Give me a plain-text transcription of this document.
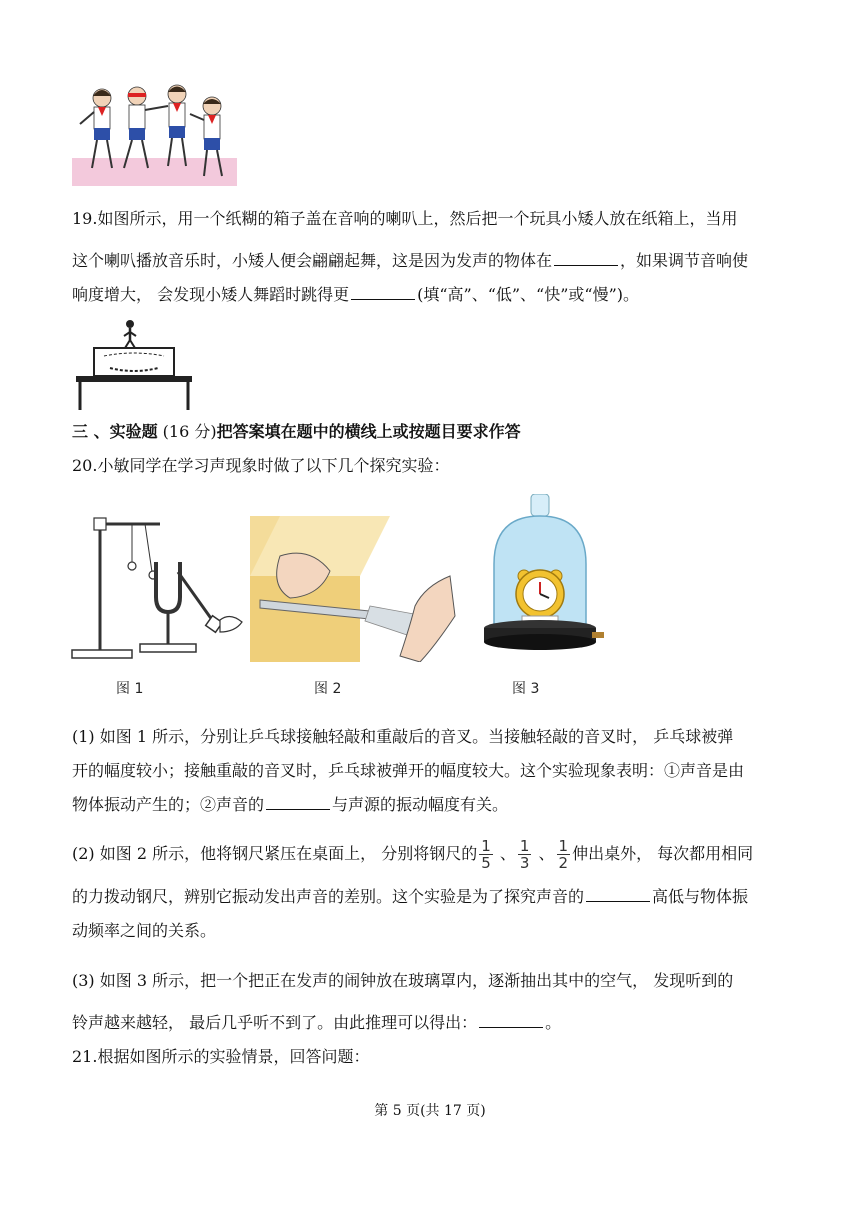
19.如图所示，用一个纸糊的箱子盖在音响的喇叭上，然后把一个玩具小矮人放在纸箱上，当用
这个喇叭播放音乐时，小矮人便会翩翩起舞，这是因为发声的物体在	，如果调节音响使
响度增大， 会发现小矮人舞蹈时跳得更	(填“高”、“低”、“快”或“慢”)。
三 、实验题 (16 分)把答案填在题中的横线上或按题目要求作答
20.小敏同学在学习声现象时做了以下几个探究实验：
图 1	图 2	图 3
(1) 如图 1 所示，分别让乒乓球接触轻敲和重敲后的音叉。当接触轻敲的音叉时， 乒乓球被弹
开的幅度较小；接触重敲的音叉时，乒乓球被弹开的幅度较大。这个实验现象表明：①声音是由
物体振动产生的；②声音的	与声源的振动幅度有关。
(2) 如图 2 所示，他将钢尺紧压在桌面上， 分别将钢尺的 $\frac{1}{5}$ 、 $\frac{1}{3}$ 、 $\frac{1}{2}$ 伸出桌外， 每次都用相同
的力拨动钢尺，辨别它振动发出声音的差别。这个实验是为了探究声音的	高低与物体振
动频率之间的关系。
(3) 如图 3 所示，把一个把正在发声的闹钟放在玻璃罩内，逐渐抽出其中的空气， 发现听到的
铃声越来越轻， 最后几乎听不到了。由此推理可以得出：	。
21.根据如图所示的实验情景，回答问题：
第 5 页(共 17 页)
